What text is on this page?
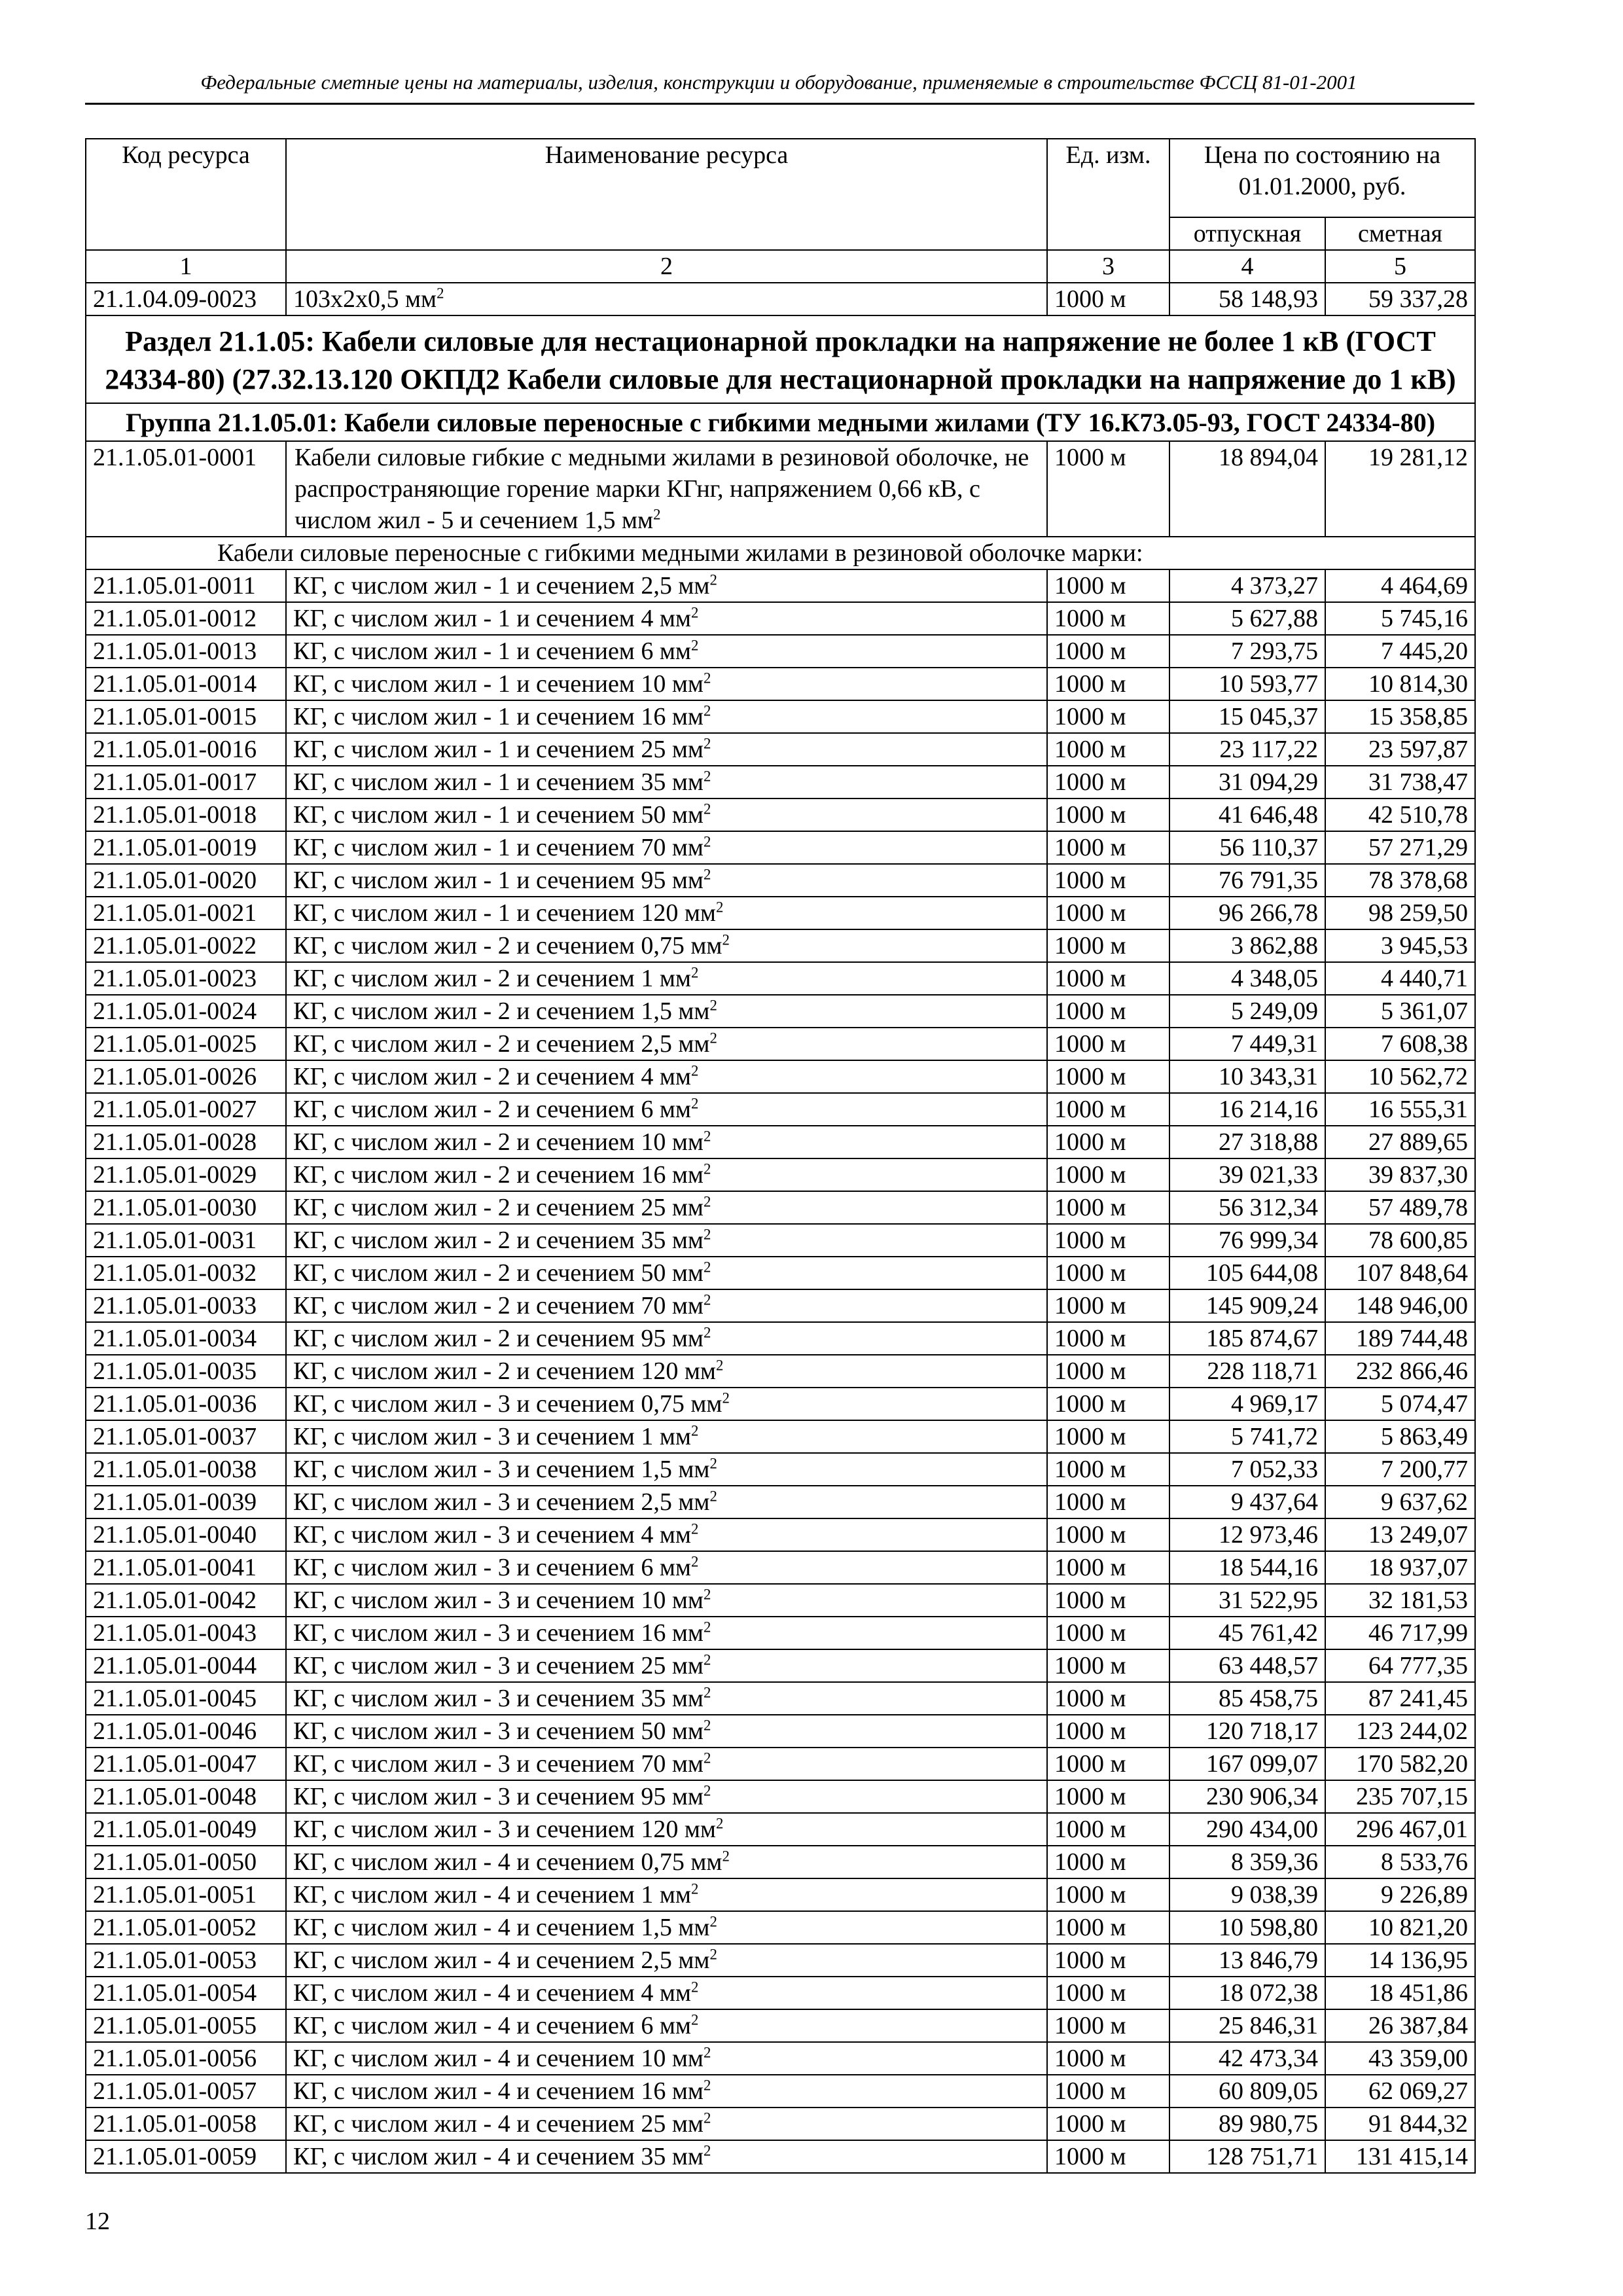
Федеральные сметные цены на материалы, изделия, конструкции и оборудование, применяемые в строительстве ФССЦ 81-01-2001
Код ресурса	Наименование ресурса	Ед. изм.	Цена по состоянию на 01.01.2000, руб.	
			отпускная	сметная
1	2	3	4	5
21.1.04.09-0023	103х2х0,5 $мм^2$	1000 м	58 148,93	59 337,28
Раздел 21.1.05: Кабели силовые для нестационарной прокладки на напряжение не более 1 кВ (ГОСТ 24334-80) (27.32.13.120 ОКПД2 Кабели силовые для нестационарной прокладки на напряжение до 1 кВ)				
Группа 21.1.05.01: Кабели силовые переносные с гибкими медными жилами (ТУ 16.К73.05-93, ГОСТ 24334-80)				
21.1.05.01-0001	Кабели силовые гибкие с медными жилами в резиновой оболочке, не распространяющие горение марки КГнг, напряжением 0,66 кВ, с числом жил - 5 и сечением 1,5 $мм^2$	1000 м	18 894,04	19 281,12
Кабели силовые переносные с гибкими медными жилами в резиновой оболочке марки:				
21.1.05.01-0011	КГ, с числом жил - 1 и сечением 2,5 $мм^2$	1000 м	4 373,27	4 464,69
21.1.05.01-0012	КГ, с числом жил - 1 и сечением 4 $мм^2$	1000 м	5 627,88	5 745,16
21.1.05.01-0013	КГ, с числом жил - 1 и сечением 6 $мм^2$	1000 м	7 293,75	7 445,20
21.1.05.01-0014	КГ, с числом жил - 1 и сечением 10 $мм^2$	1000 м	10 593,77	10 814,30
21.1.05.01-0015	КГ, с числом жил - 1 и сечением 16 $мм^2$	1000 м	15 045,37	15 358,85
21.1.05.01-0016	КГ, с числом жил - 1 и сечением 25 $мм^2$	1000 м	23 117,22	23 597,87
21.1.05.01-0017	КГ, с числом жил - 1 и сечением 35 $мм^2$	1000 м	31 094,29	31 738,47
21.1.05.01-0018	КГ, с числом жил - 1 и сечением 50 $мм^2$	1000 м	41 646,48	42 510,78
21.1.05.01-0019	КГ, с числом жил - 1 и сечением 70 $мм^2$	1000 м	56 110,37	57 271,29
21.1.05.01-0020	КГ, с числом жил - 1 и сечением 95 $мм^2$	1000 м	76 791,35	78 378,68
21.1.05.01-0021	КГ, с числом жил - 1 и сечением 120 $мм^2$	1000 м	96 266,78	98 259,50
21.1.05.01-0022	КГ, с числом жил - 2 и сечением 0,75 $мм^2$	1000 м	3 862,88	3 945,53
21.1.05.01-0023	КГ, с числом жил - 2 и сечением 1 $мм^2$	1000 м	4 348,05	4 440,71
21.1.05.01-0024	КГ, с числом жил - 2 и сечением 1,5 $мм^2$	1000 м	5 249,09	5 361,07
21.1.05.01-0025	КГ, с числом жил - 2 и сечением 2,5 $мм^2$	1000 м	7 449,31	7 608,38
21.1.05.01-0026	КГ, с числом жил - 2 и сечением 4 $мм^2$	1000 м	10 343,31	10 562,72
21.1.05.01-0027	КГ, с числом жил - 2 и сечением 6 $мм^2$	1000 м	16 214,16	16 555,31
21.1.05.01-0028	КГ, с числом жил - 2 и сечением 10 $мм^2$	1000 м	27 318,88	27 889,65
21.1.05.01-0029	КГ, с числом жил - 2 и сечением 16 $мм^2$	1000 м	39 021,33	39 837,30
21.1.05.01-0030	КГ, с числом жил - 2 и сечением 25 $мм^2$	1000 м	56 312,34	57 489,78
21.1.05.01-0031	КГ, с числом жил - 2 и сечением 35 $мм^2$	1000 м	76 999,34	78 600,85
21.1.05.01-0032	КГ, с числом жил - 2 и сечением 50 $мм^2$	1000 м	105 644,08	107 848,64
21.1.05.01-0033	КГ, с числом жил - 2 и сечением 70 $мм^2$	1000 м	145 909,24	148 946,00
21.1.05.01-0034	КГ, с числом жил - 2 и сечением 95 $мм^2$	1000 м	185 874,67	189 744,48
21.1.05.01-0035	КГ, с числом жил - 2 и сечением 120 $мм^2$	1000 м	228 118,71	232 866,46
21.1.05.01-0036	КГ, с числом жил - 3 и сечением 0,75 $мм^2$	1000 м	4 969,17	5 074,47
21.1.05.01-0037	КГ, с числом жил - 3 и сечением 1 $мм^2$	1000 м	5 741,72	5 863,49
21.1.05.01-0038	КГ, с числом жил - 3 и сечением 1,5 $мм^2$	1000 м	7 052,33	7 200,77
21.1.05.01-0039	КГ, с числом жил - 3 и сечением 2,5 $мм^2$	1000 м	9 437,64	9 637,62
21.1.05.01-0040	КГ, с числом жил - 3 и сечением 4 $мм^2$	1000 м	12 973,46	13 249,07
21.1.05.01-0041	КГ, с числом жил - 3 и сечением 6 $мм^2$	1000 м	18 544,16	18 937,07
21.1.05.01-0042	КГ, с числом жил - 3 и сечением 10 $мм^2$	1000 м	31 522,95	32 181,53
21.1.05.01-0043	КГ, с числом жил - 3 и сечением 16 $мм^2$	1000 м	45 761,42	46 717,99
21.1.05.01-0044	КГ, с числом жил - 3 и сечением 25 $мм^2$	1000 м	63 448,57	64 777,35
21.1.05.01-0045	КГ, с числом жил - 3 и сечением 35 $мм^2$	1000 м	85 458,75	87 241,45
21.1.05.01-0046	КГ, с числом жил - 3 и сечением 50 $мм^2$	1000 м	120 718,17	123 244,02
21.1.05.01-0047	КГ, с числом жил - 3 и сечением 70 $мм^2$	1000 м	167 099,07	170 582,20
21.1.05.01-0048	КГ, с числом жил - 3 и сечением 95 $мм^2$	1000 м	230 906,34	235 707,15
21.1.05.01-0049	КГ, с числом жил - 3 и сечением 120 $мм^2$	1000 м	290 434,00	296 467,01
21.1.05.01-0050	КГ, с числом жил - 4 и сечением 0,75 $мм^2$	1000 м	8 359,36	8 533,76
21.1.05.01-0051	КГ, с числом жил - 4 и сечением 1 $мм^2$	1000 м	9 038,39	9 226,89
21.1.05.01-0052	КГ, с числом жил - 4 и сечением 1,5 $мм^2$	1000 м	10 598,80	10 821,20
21.1.05.01-0053	КГ, с числом жил - 4 и сечением 2,5 $мм^2$	1000 м	13 846,79	14 136,95
21.1.05.01-0054	КГ, с числом жил - 4 и сечением 4 $мм^2$	1000 м	18 072,38	18 451,86
21.1.05.01-0055	КГ, с числом жил - 4 и сечением 6 $мм^2$	1000 м	25 846,31	26 387,84
21.1.05.01-0056	КГ, с числом жил - 4 и сечением 10 $мм^2$	1000 м	42 473,34	43 359,00
21.1.05.01-0057	КГ, с числом жил - 4 и сечением 16 $мм^2$	1000 м	60 809,05	62 069,27
21.1.05.01-0058	КГ, с числом жил - 4 и сечением 25 $мм^2$	1000 м	89 980,75	91 844,32
21.1.05.01-0059	КГ, с числом жил - 4 и сечением 35 $мм^2$	1000 м	128 751,71	131 415,14
12
